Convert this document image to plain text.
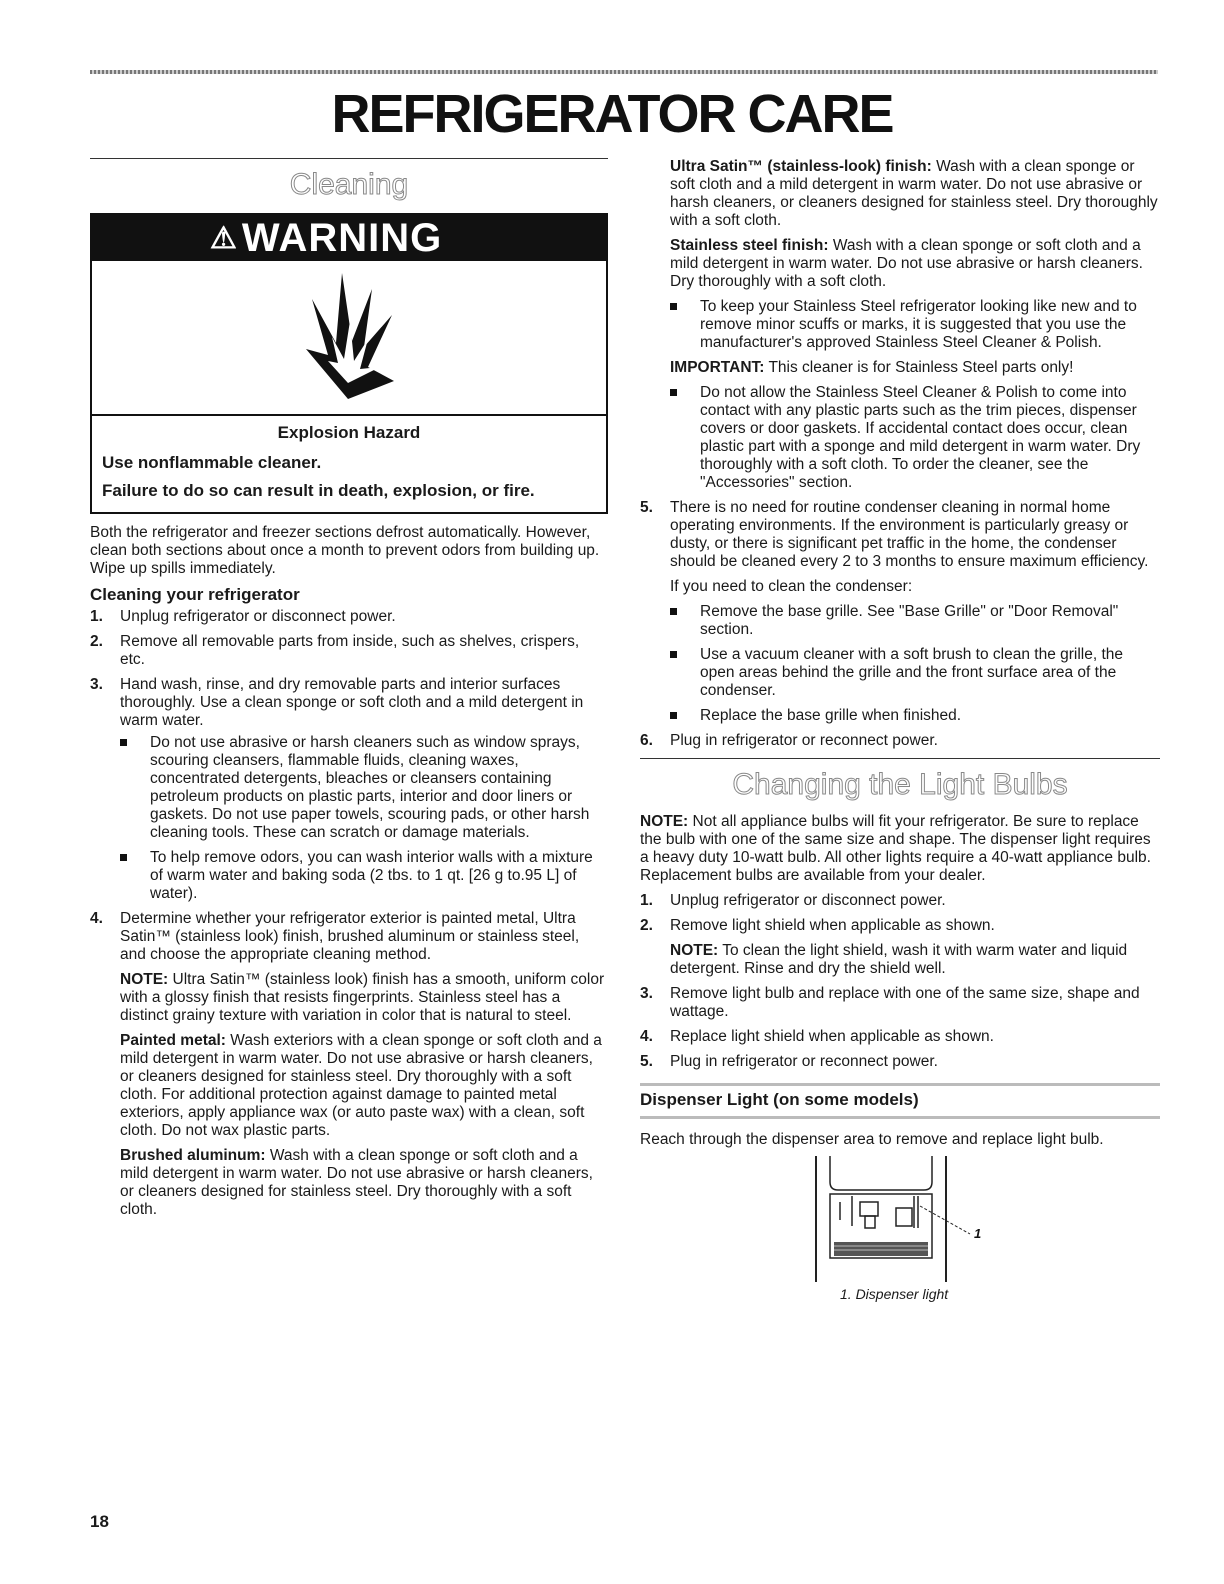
REFRIGERATOR CARE
Cleaning
⚠ WARNING
Explosion Hazard
Use nonflammable cleaner.
Failure to do so can result in death, explosion, or fire.

Both the refrigerator and freezer sections defrost automatically. However, clean both sections about once a month to prevent odors from building up. Wipe up spills immediately.

Cleaning your refrigerator
1. Unplug refrigerator or disconnect power.
2. Remove all removable parts from inside, such as shelves, crispers, etc.
3. Hand wash, rinse, and dry removable parts and interior surfaces thoroughly. Use a clean sponge or soft cloth and a mild detergent in warm water.
Do not use abrasive or harsh cleaners such as window sprays, scouring cleansers, flammable fluids, cleaning waxes, concentrated detergents, bleaches or cleansers containing petroleum products on plastic parts, interior and door liners or gaskets. Do not use paper towels, scouring pads, or other harsh cleaning tools. These can scratch or damage materials.
To help remove odors, you can wash interior walls with a mixture of warm water and baking soda (2 tbs. to 1 qt. [26 g to.95 L] of water).
4. Determine whether your refrigerator exterior is painted metal, Ultra Satin™ (stainless look) finish, brushed aluminum or stainless steel, and choose the appropriate cleaning method.

NOTE: Ultra Satin™ (stainless look) finish has a smooth, uniform color with a glossy finish that resists fingerprints. Stainless steel has a distinct grainy texture with variation in color that is natural to steel.

Painted metal: Wash exteriors with a clean sponge or soft cloth and a mild detergent in warm water. Do not use abrasive or harsh cleaners, or cleaners designed for stainless steel. Dry thoroughly with a soft cloth. For additional protection against damage to painted metal exteriors, apply appliance wax (or auto paste wax) with a clean, soft cloth. Do not wax plastic parts.

Brushed aluminum: Wash with a clean sponge or soft cloth and a mild detergent in warm water. Do not use abrasive or harsh cleaners, or cleaners designed for stainless steel. Dry thoroughly with a soft cloth.

Ultra Satin™ (stainless-look) finish: Wash with a clean sponge or soft cloth and a mild detergent in warm water. Do not use abrasive or harsh cleaners, or cleaners designed for stainless steel. Dry thoroughly with a soft cloth.

Stainless steel finish: Wash with a clean sponge or soft cloth and a mild detergent in warm water. Do not use abrasive or harsh cleaners. Dry thoroughly with a soft cloth.

To keep your Stainless Steel refrigerator looking like new and to remove minor scuffs or marks, it is suggested that you use the manufacturer's approved Stainless Steel Cleaner & Polish.

IMPORTANT: This cleaner is for Stainless Steel parts only!

Do not allow the Stainless Steel Cleaner & Polish to come into contact with any plastic parts such as the trim pieces, dispenser covers or door gaskets. If accidental contact does occur, clean plastic part with a sponge and mild detergent in warm water. Dry thoroughly with a soft cloth. To order the cleaner, see the "Accessories" section.
5. There is no need for routine condenser cleaning in normal home operating environments. If the environment is particularly greasy or dusty, or there is significant pet traffic in the home, the condenser should be cleaned every 2 to 3 months to ensure maximum efficiency.

If you need to clean the condenser:

Remove the base grille. See "Base Grille" or "Door Removal" section.
Use a vacuum cleaner with a soft brush to clean the grille, the open areas behind the grille and the front surface area of the condenser.
Replace the base grille when finished.
6. Plug in refrigerator or reconnect power.
Changing the Light Bulbs

NOTE: Not all appliance bulbs will fit your refrigerator. Be sure to replace the bulb with one of the same size and shape. The dispenser light requires a heavy duty 10-watt bulb. All other lights require a 40-watt appliance bulb. Replacement bulbs are available from your dealer.

1. Unplug refrigerator or disconnect power.
2. Remove light shield when applicable as shown.

NOTE: To clean the light shield, wash it with warm water and liquid detergent. Rinse and dry the shield well.

3. Remove light bulb and replace with one of the same size, shape and wattage.
4. Replace light shield when applicable as shown.
5. Plug in refrigerator or reconnect power.
Dispenser Light (on some models)

Reach through the dispenser area to remove and replace light bulb.

1
1. Dispenser light
18
